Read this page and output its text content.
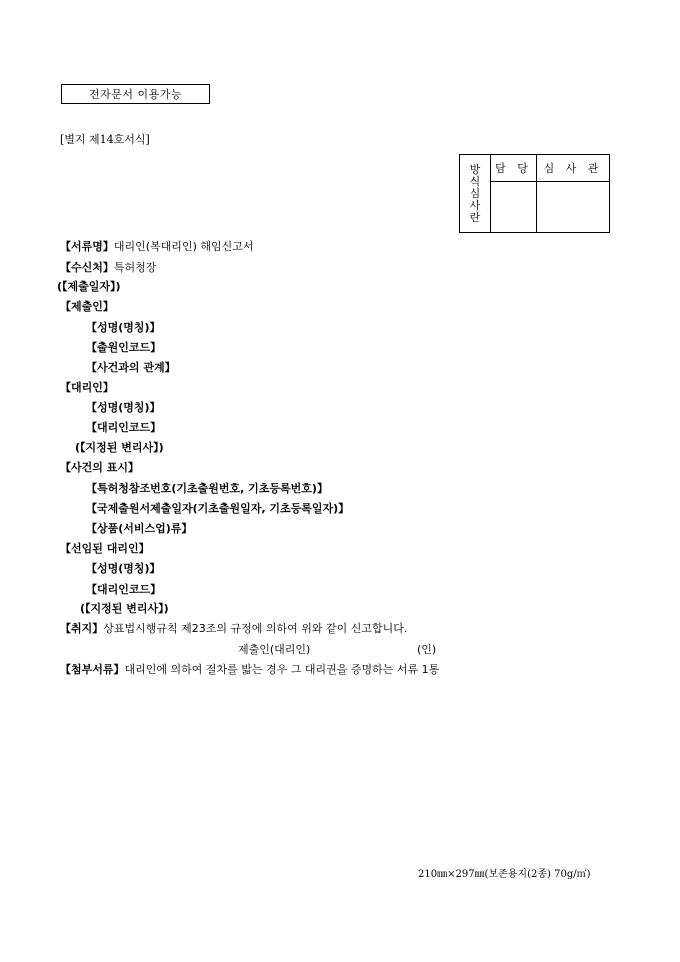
전자문서 이용가능
[별지 제14호서식]
방
식
심
사
란	담 당	심 사 관

【서류명】대리인(복대리인) 해임신고서
【수신처】특허청장
(【제출일자】)
【제출인】
【성명(명칭)】
【출원인코드】
【사건과의 관계】
【대리인】
【성명(명칭)】
【대리인코드】
(【지정된 변리사】)
【사건의 표시】
【특허청참조번호(기초출원번호, 기초등록번호)】
【국제출원서제출일자(기초출원일자, 기초등록일자)】
【상품(서비스업)류】
【선임된 대리인】
【성명(명칭)】
【대리인코드】
(【지정된 변리사】)
【취지】상표법시행규칙 제23조의 규정에 의하여 위와 같이 신고합니다.
제출인(대리인)	(인)
【첨부서류】대리인에 의하여 절차를 밟는 경우 그 대리권을 증명하는 서류 1통
210㎜×297㎜(보존용지(2종) 70g/㎡)
